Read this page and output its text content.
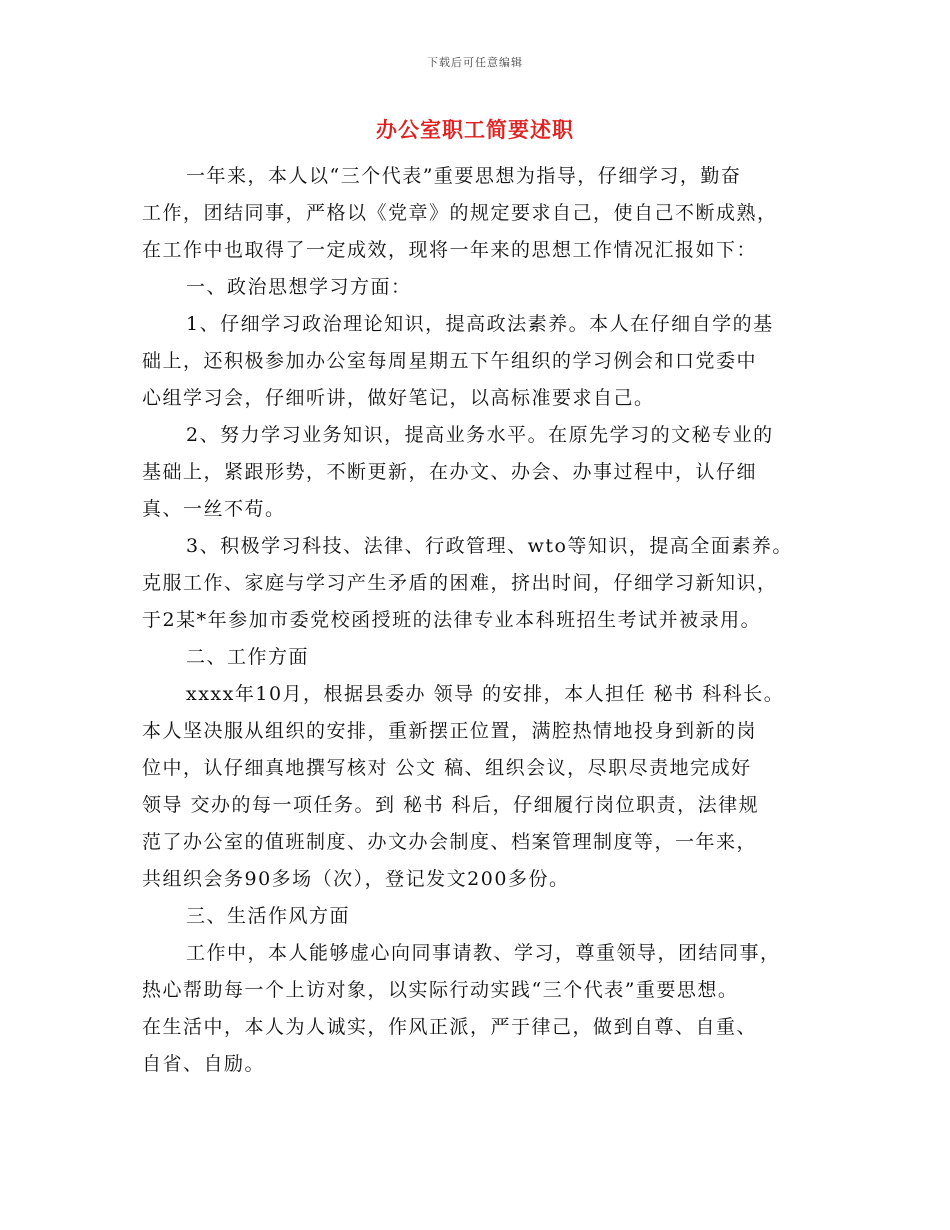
下载后可任意编辑
办公室职工简要述职
一年来，本人以“三个代表”重要思想为指导，仔细学习，勤奋
工作，团结同事，严格以《党章》的规定要求自己，使自己不断成熟，
在工作中也取得了一定成效，现将一年来的思想工作情况汇报如下：
一、政治思想学习方面：
1、仔细学习政治理论知识，提高政法素养。本人在仔细自学的基
础上，还积极参加办公室每周星期五下午组织的学习例会和口党委中
心组学习会，仔细听讲，做好笔记，以高标准要求自己。
2、努力学习业务知识，提高业务水平。在原先学习的文秘专业的
基础上，紧跟形势，不断更新，在办文、办会、办事过程中，认仔细
真、一丝不苟。
3、积极学习科技、法律、行政管理、wto等知识，提高全面素养。
克服工作、家庭与学习产生矛盾的困难，挤出时间，仔细学习新知识，
于2某*年参加市委党校函授班的法律专业本科班招生考试并被录用。
二、工作方面
xxxx年10月，根据县委办 领导 的安排，本人担任 秘书 科科长。
本人坚决服从组织的安排，重新摆正位置，满腔热情地投身到新的岗
位中，认仔细真地撰写核对 公文 稿、组织会议，尽职尽责地完成好
领导 交办的每一项任务。到 秘书 科后，仔细履行岗位职责，法律规
范了办公室的值班制度、办文办会制度、档案管理制度等，一年来，
共组织会务90多场（次），登记发文200多份。
三、生活作风方面
工作中，本人能够虚心向同事请教、学习，尊重领导，团结同事，
热心帮助每一个上访对象，以实际行动实践“三个代表”重要思想。
在生活中，本人为人诚实，作风正派，严于律己，做到自尊、自重、
自省、自励。
